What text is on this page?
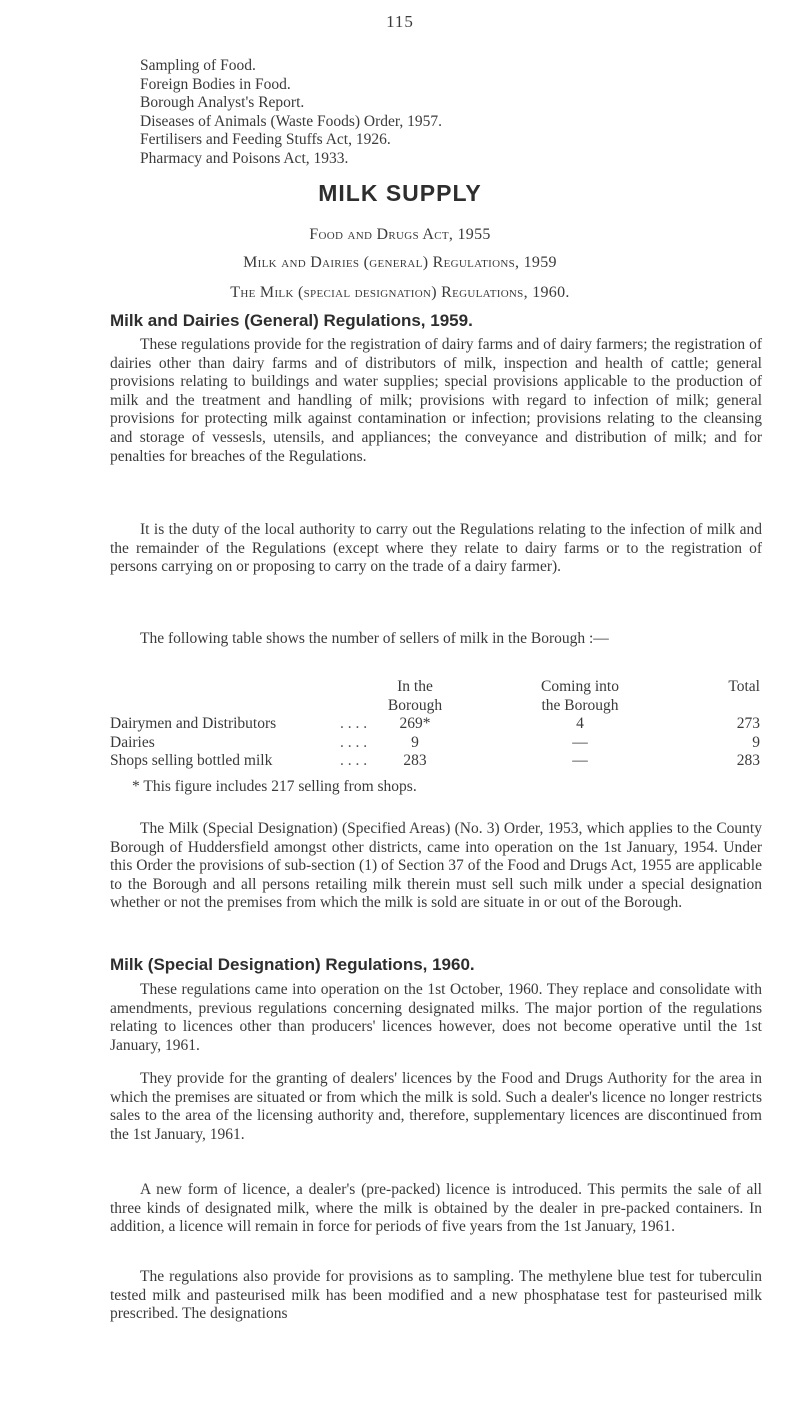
115
Sampling of Food.
Foreign Bodies in Food.
Borough Analyst's Report.
Diseases of Animals (Waste Foods) Order, 1957.
Fertilisers and Feeding Stuffs Act, 1926.
Pharmacy and Poisons Act, 1933.
MILK SUPPLY
Food and Drugs Act, 1955
Milk and Dairies (general) Regulations, 1959
The Milk (special designation) Regulations, 1960.
Milk and Dairies (General) Regulations, 1959.
These regulations provide for the registration of dairy farms and of dairy farmers; the registration of dairies other than dairy farms and of distributors of milk, inspection and health of cattle; general provisions relating to buildings and water supplies; special provisions applicable to the production of milk and the treatment and handling of milk; provisions with regard to infection of milk; general provisions for protecting milk against contamination or infection; provisions relating to the cleansing and storage of vessesls, utensils, and appliances; the conveyance and distribution of milk; and for penalties for breaches of the Regulations.
It is the duty of the local authority to carry out the Regulations relating to the infection of milk and the remainder of the Regulations (except where they relate to dairy farms or to the registration of persons carrying on or proposing to carry on the trade of a dairy farmer).
The following table shows the number of sellers of milk in the Borough :—
In the	Coming into	Total
Borough	the Borough
Dairymen and Distributors	. . . .	269*	4	273
Dairies	. . . .	9	—	9
Shops selling bottled milk	. . . .	283	—	283
* This figure includes 217 selling from shops.
The Milk (Special Designation) (Specified Areas) (No. 3) Order, 1953, which applies to the County Borough of Huddersfield amongst other districts, came into operation on the 1st January, 1954. Under this Order the provisions of sub-section (1) of Section 37 of the Food and Drugs Act, 1955 are applicable to the Borough and all persons retailing milk therein must sell such milk under a special designation whether or not the premises from which the milk is sold are situate in or out of the Borough.
Milk (Special Designation) Regulations, 1960.
These regulations came into operation on the 1st October, 1960. They replace and consolidate with amendments, previous regulations concerning designated milks. The major portion of the regulations relating to licences other than producers' licences however, does not become operative until the 1st January, 1961.
They provide for the granting of dealers' licences by the Food and Drugs Authority for the area in which the premises are situated or from which the milk is sold. Such a dealer's licence no longer restricts sales to the area of the licensing authority and, therefore, supplementary licences are discontinued from the 1st January, 1961.
A new form of licence, a dealer's (pre-packed) licence is introduced. This permits the sale of all three kinds of designated milk, where the milk is obtained by the dealer in pre-packed containers. In addition, a licence will remain in force for periods of five years from the 1st January, 1961.
The regulations also provide for provisions as to sampling. The methylene blue test for tuberculin tested milk and pasteurised milk has been modified and a new phosphatase test for pasteurised milk prescribed. The designations
